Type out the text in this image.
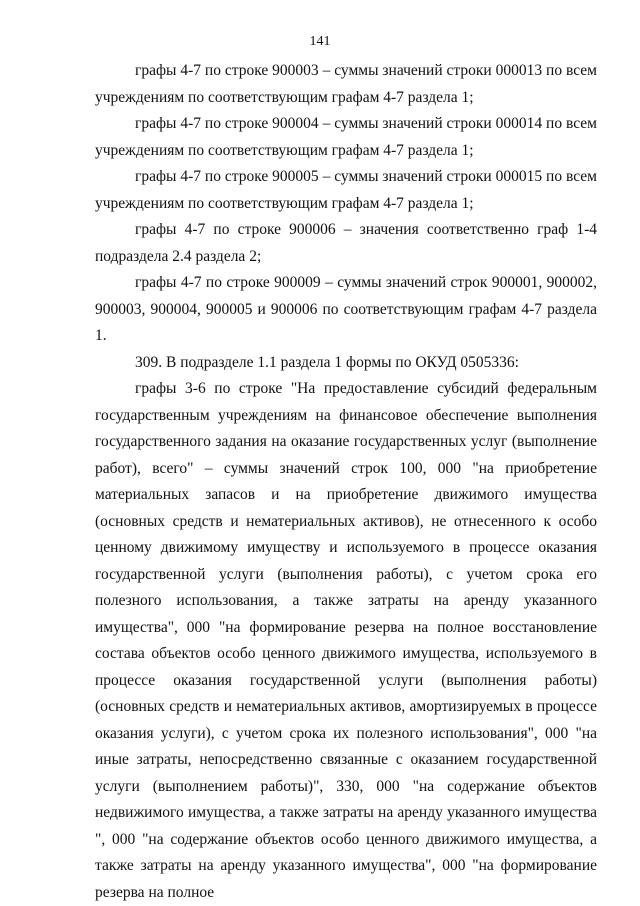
141

графы 4-7 по строке 900003 – суммы значений строки 000013 по всем учреждениям по соответствующим графам 4-7 раздела 1;

графы 4-7 по строке 900004 – суммы значений строки 000014 по всем учреждениям по соответствующим графам 4-7 раздела 1;

графы 4-7 по строке 900005 – суммы значений строки 000015 по всем учреждениям по соответствующим графам 4-7 раздела 1;

графы 4-7 по строке 900006 – значения соответственно граф 1-4 подраздела 2.4 раздела 2;

графы 4-7 по строке 900009 – суммы значений строк 900001, 900002, 900003, 900004, 900005 и 900006 по соответствующим графам 4-7 раздела 1.

309. В подразделе 1.1 раздела 1 формы по ОКУД 0505336:

графы 3-6 по строке "На предоставление субсидий федеральным государственным учреждениям на финансовое обеспечение выполнения государственного задания на оказание государственных услуг (выполнение работ), всего" – суммы значений строк 100, 000 "на приобретение материальных запасов и на приобретение движимого имущества (основных средств и нематериальных активов), не отнесенного к особо ценному движимому имуществу и используемого в процессе оказания государственной услуги (выполнения работы), с учетом срока его полезного использования, а также затраты на аренду указанного имущества", 000 "на формирование резерва на полное восстановление состава объектов особо ценного движимого имущества, используемого в процессе оказания государственной услуги (выполнения работы) (основных средств и нематериальных активов, амортизируемых в процессе оказания услуги), с учетом срока их полезного использования", 000 "на иные затраты, непосредственно связанные с оказанием государственной услуги (выполнением работы)", 330, 000 "на содержание объектов недвижимого имущества, а также затраты на аренду указанного имущества ", 000 "на содержание объектов особо ценного движимого имущества, а также затраты на аренду указанного имущества", 000 "на формирование резерва на полное
